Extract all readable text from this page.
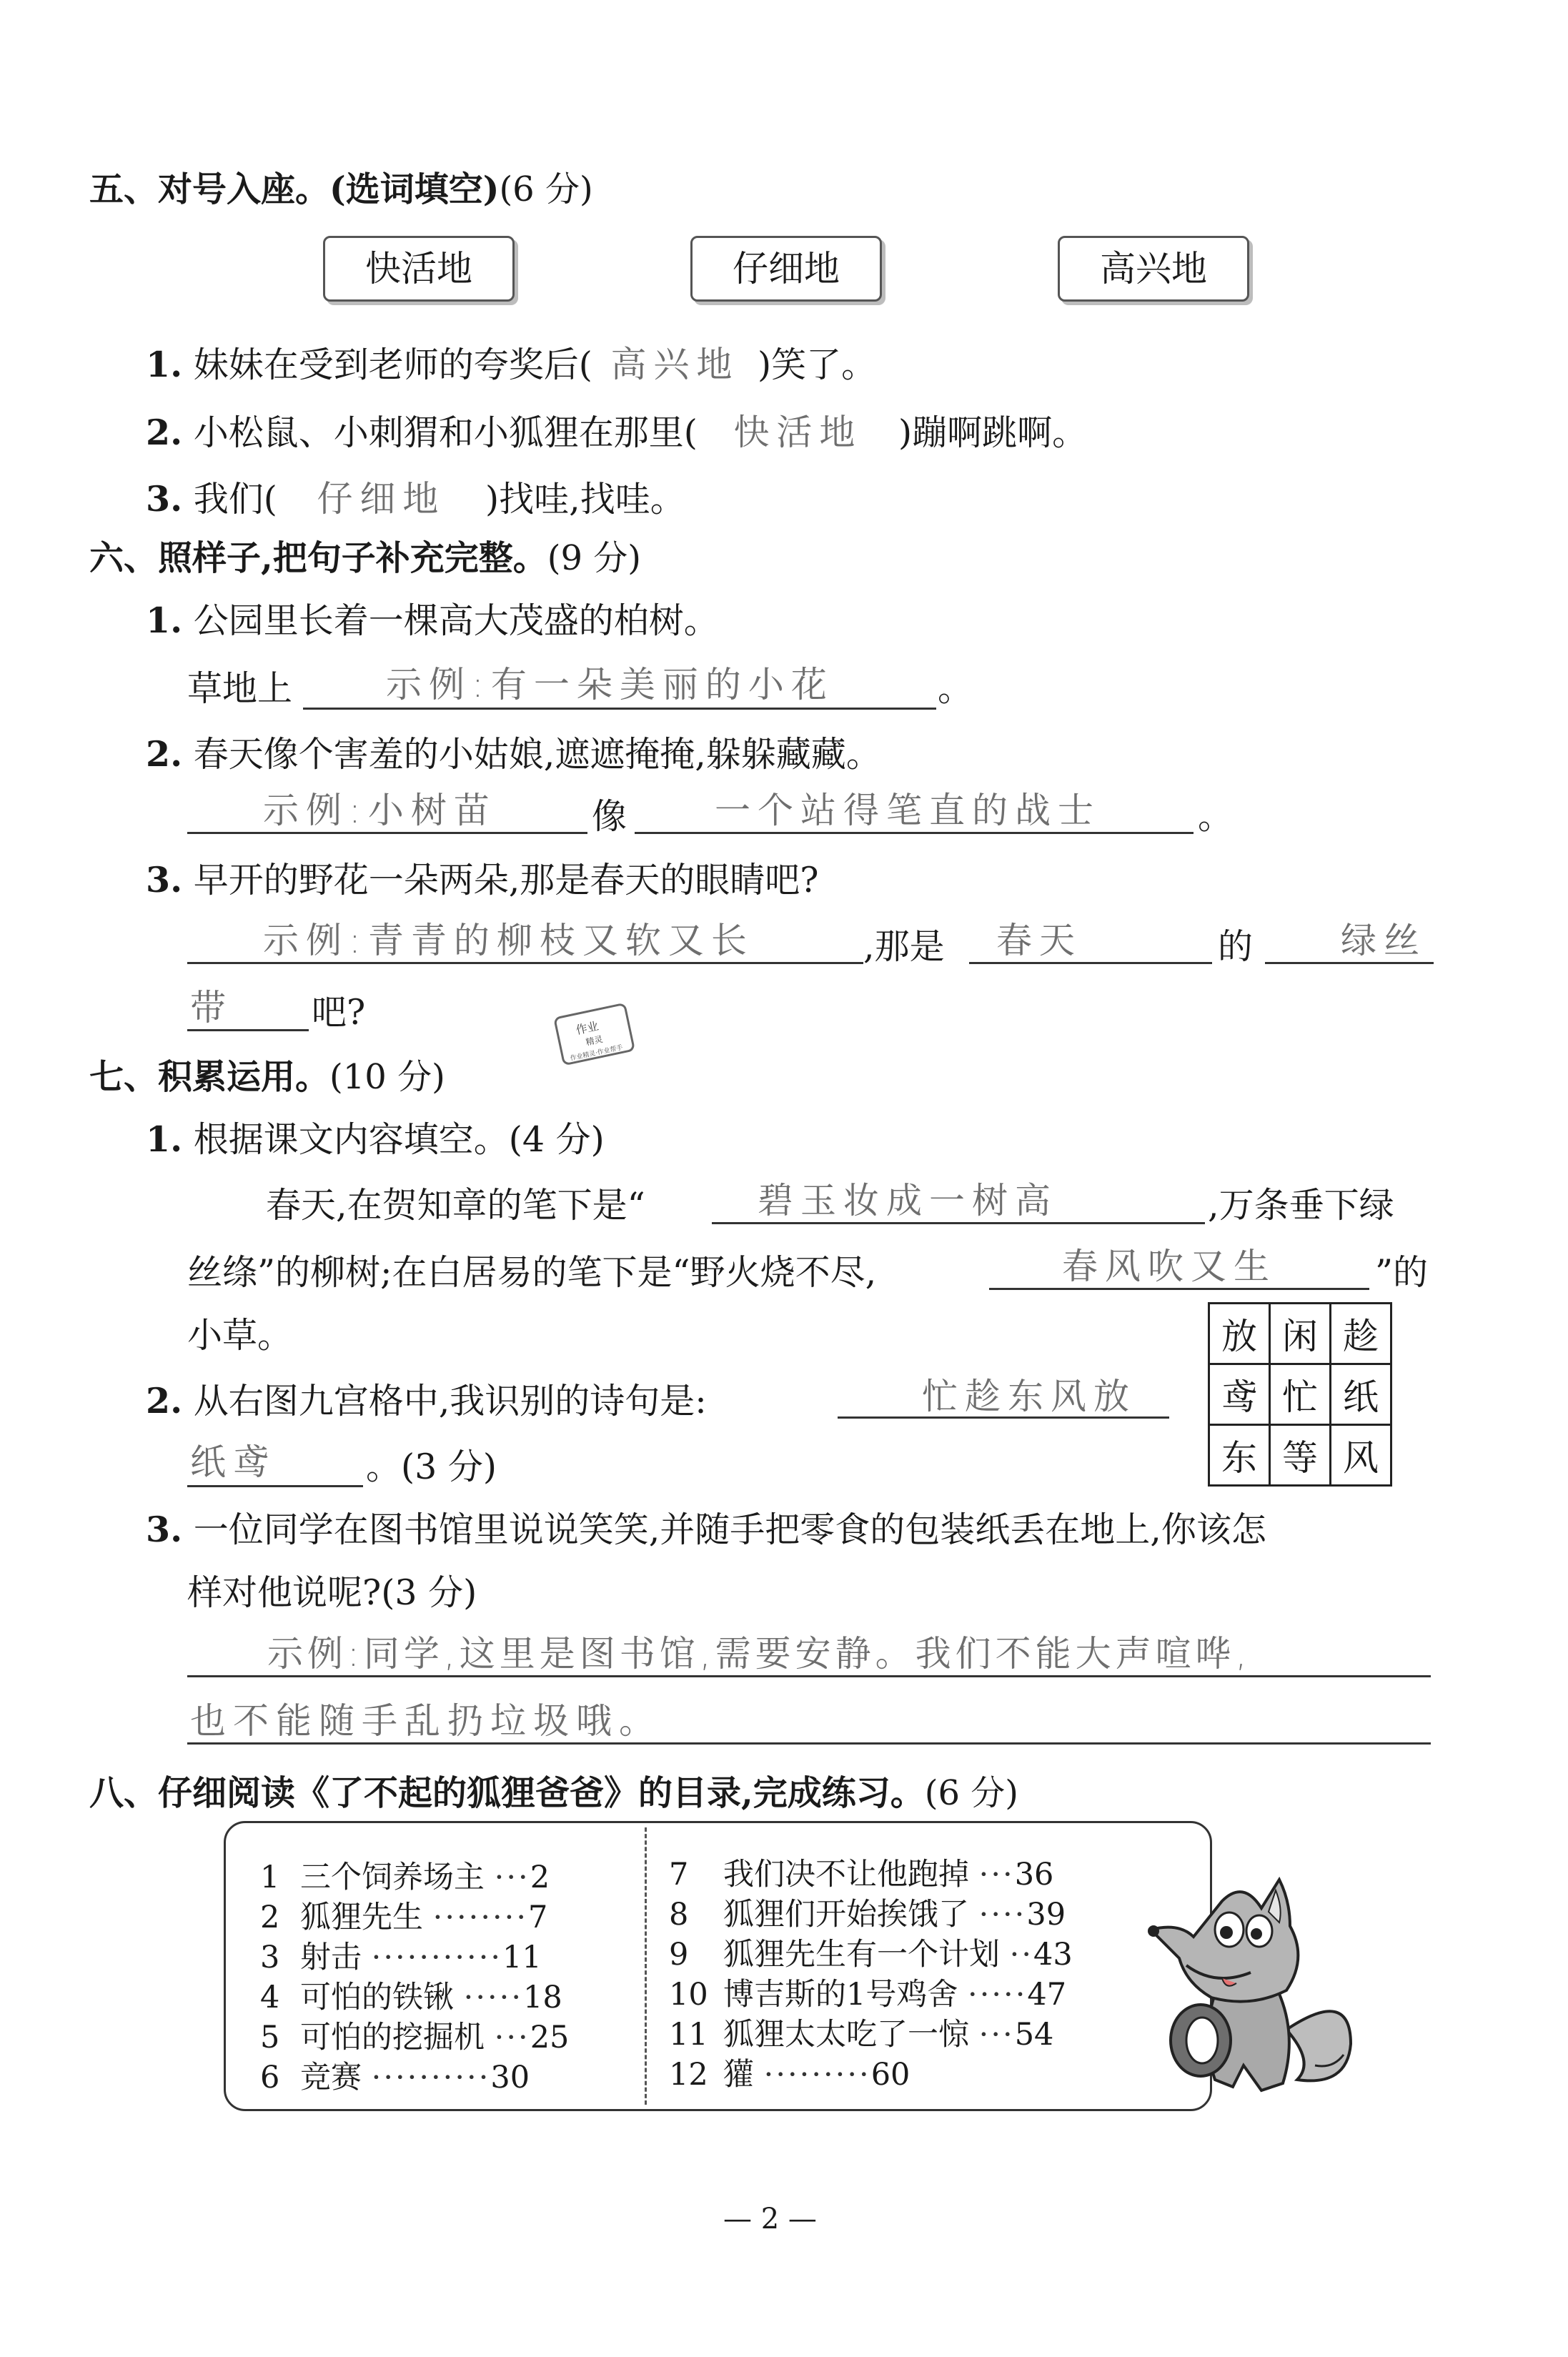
五、对号入座。(选词填空)(6 分)
快活地	仔细地	高兴地
1. 妹妹在受到老师的夸奖后( 高兴地 )笑了。
2. 小松鼠、小刺猬和小狐狸在那里( 快活地 )蹦啊跳啊。
3. 我们( 仔细地 )找哇,找哇。
六、照样子,把句子补充完整。(9 分)
1. 公园里长着一棵高大茂盛的柏树。
草地上	示例:有一朵美丽的小花	。
2. 春天像个害羞的小姑娘,遮遮掩掩,躲躲藏藏。
示例:小树苗	像 一个站得笔直的战士	。
3. 早开的野花一朵两朵,那是春天的眼睛吧?
示例:青青的柳枝又软又长	,那是 春天	的 绿丝
带 吧?	作业
精灵
作业精灵·作业帮手
七、积累运用。(10 分)
1. 根据课文内容填空。(4 分)
春天,在贺知章的笔下是“	碧玉妆成一树高	,万条垂下绿
丝绦”的柳树;在白居易的笔下是“野火烧不尽,	春风吹又生	”的
小草。
2. 从右图九宫格中,我识别的诗句是:	忙趁东风放
纸鸢	。(3 分)
放	闲	趁
鸢	忙	纸
东	等	风
3. 一位同学在图书馆里说说笑笑,并随手把零食的包装纸丢在地上,你该怎
样对他说呢?(3 分)
示例:同学,这里是图书馆,需要安静。我们不能大声喧哗,
也不能随手乱扔垃圾哦。
八、仔细阅读《了不起的狐狸爸爸》的目录,完成练习。(6 分)
1 三个饲养场主 ···2
2 狐狸先生 ········7
3 射击 ···········11
4 可怕的铁锹 ·····18
5 可怕的挖掘机 ···25
6 竞赛 ··········30
7 我们决不让他跑掉 ···36
8 狐狸们开始挨饿了 ····39
9 狐狸先生有一个计划 ··43
10 博吉斯的1号鸡舍 ·····47
11 狐狸太太吃了一惊 ···54
12 獾 ·········60
— 2 —
